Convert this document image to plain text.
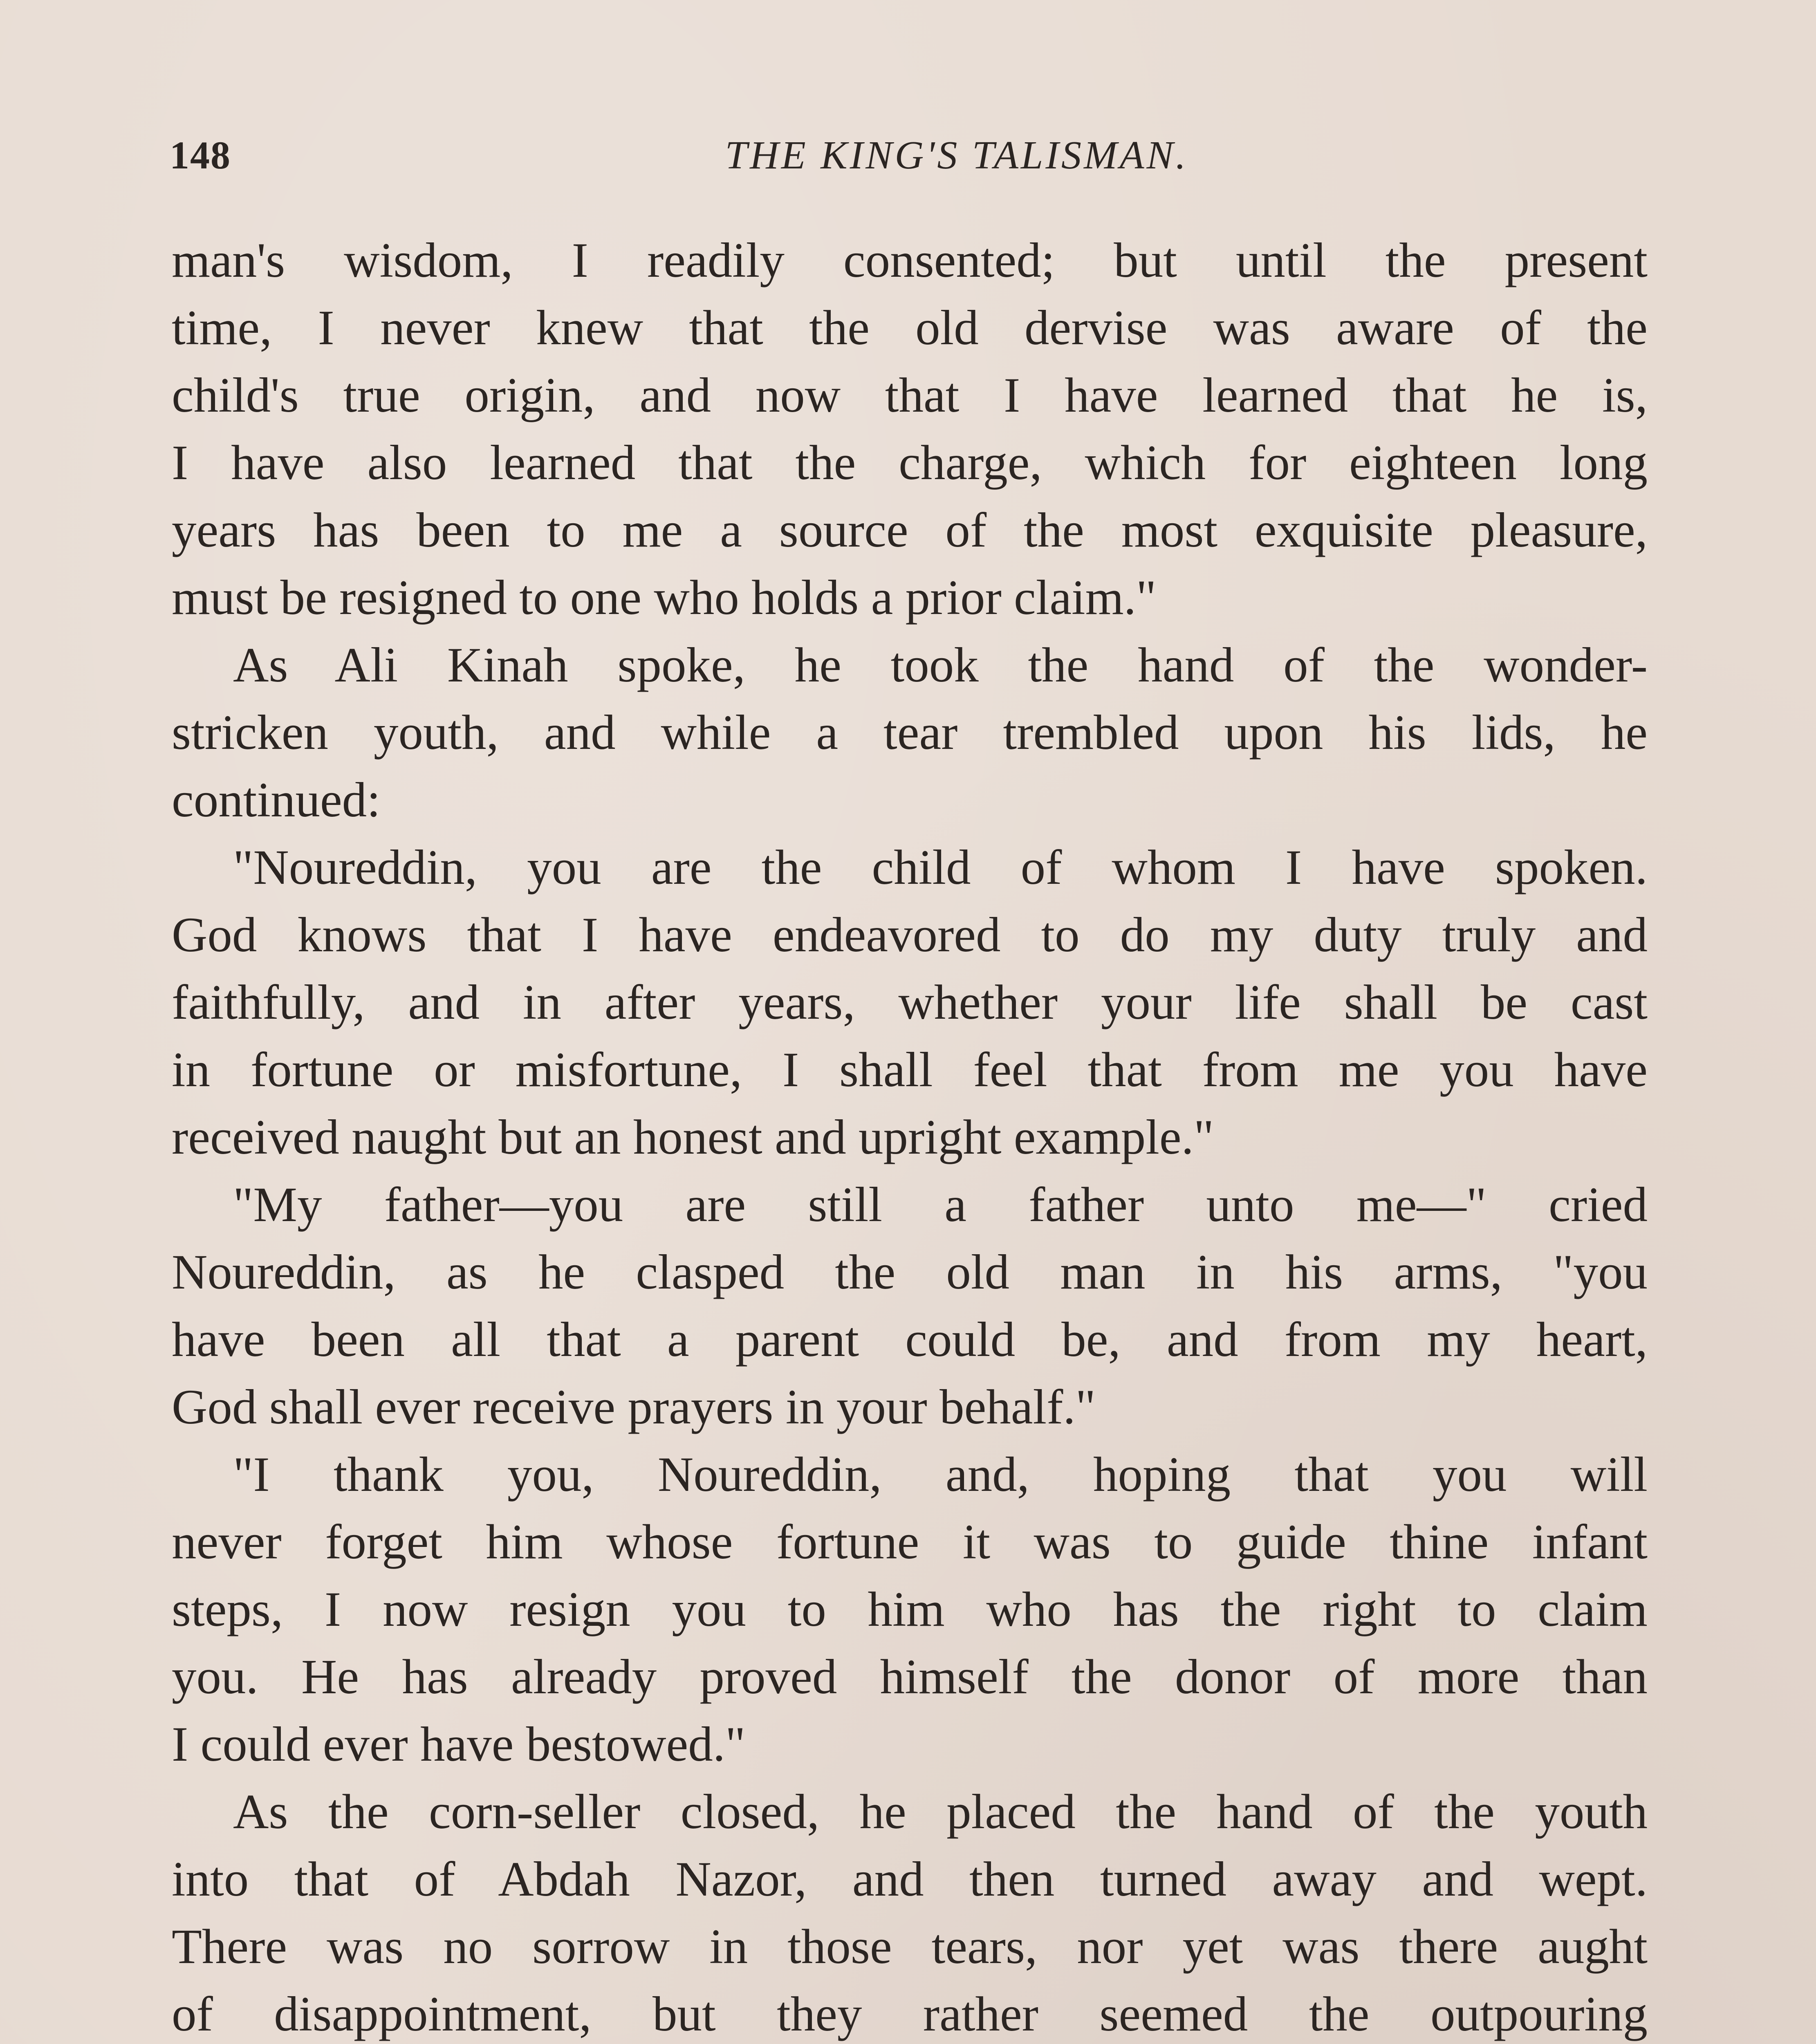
148	THE KING'S TALISMAN.
man's wisdom, I readily consented; but until the present
time, I never knew that the old dervise was aware of the
child's true origin, and now that I have learned that he is,
I have also learned that the charge, which for eighteen long
years has been to me a source of the most exquisite pleasure,
must be resigned to one who holds a prior claim."
As Ali Kinah spoke, he took the hand of the wonder-
stricken youth, and while a tear trembled upon his lids, he
continued:
"Noureddin, you are the child of whom I have spoken.
God knows that I have endeavored to do my duty truly and
faithfully, and in after years, whether your life shall be cast
in fortune or misfortune, I shall feel that from me you have
received naught but an honest and upright example."
"My father—you are still a father unto me—" cried
Noureddin, as he clasped the old man in his arms, "you
have been all that a parent could be, and from my heart,
God shall ever receive prayers in your behalf."
"I thank you, Noureddin, and, hoping that you will
never forget him whose fortune it was to guide thine infant
steps, I now resign you to him who has the right to claim
you. He has already proved himself the donor of more than
I could ever have bestowed."
As the corn-seller closed, he placed the hand of the youth
into that of Abdah Nazor, and then turned away and wept.
There was no sorrow in those tears, nor yet was there aught
of disappointment, but they rather seemed the outpouring
